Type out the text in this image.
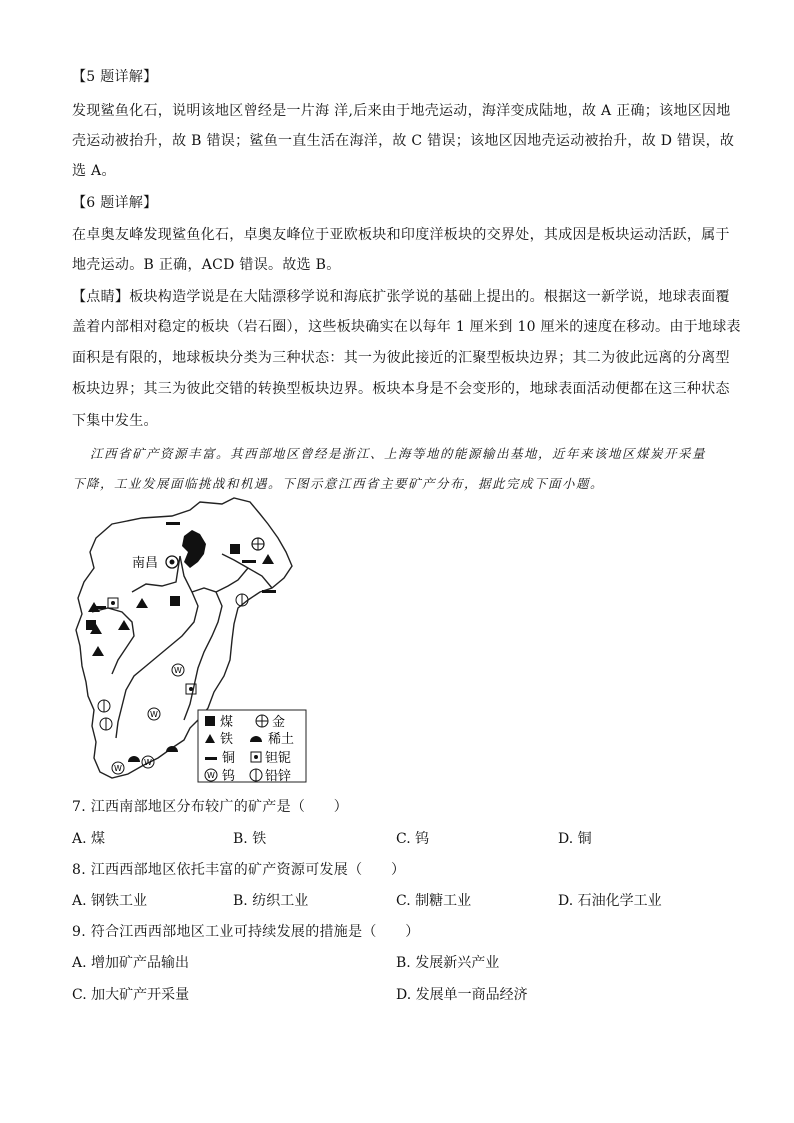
【5 题详解】
发现鲨鱼化石，说明该地区曾经是一片海 洋,后来由于地壳运动，海洋变成陆地，故 A 正确；该地区因地
壳运动被抬升，故 B 错误；鲨鱼一直生活在海洋，故 C 错误；该地区因地壳运动被抬升，故 D 错误，故
选 A。
【6 题详解】
在卓奥友峰发现鲨鱼化石，卓奥友峰位于亚欧板块和印度洋板块的交界处，其成因是板块运动活跃，属于
地壳运动。B 正确，ACD 错误。故选 B。
【点睛】板块构造学说是在大陆漂移学说和海底扩张学说的基础上提出的。根据这一新学说，地球表面覆
盖着内部相对稳定的板块（岩石圈），这些板块确实在以每年 1 厘米到 10 厘米的速度在移动。由于地球表
面积是有限的，地球板块分类为三种状态：其一为彼此接近的汇聚型板块边界；其二为彼此远离的分离型
板块边界；其三为彼此交错的转换型板块边界。板块本身是不会变形的，地球表面活动便都在这三种状态
下集中发生。
江西省矿产资源丰富。其西部地区曾经是浙江、上海等地的能源输出基地，近年来该地区煤炭开采量
下降，工业发展面临挑战和机遇。下图示意江西省主要矿产分布，据此完成下面小题。
南昌
W
W
W
W
煤	金
铁	稀土
铜 钽铌
W 钨 铅锌
7. 江西南部地区分布较广的矿产是（　　）
A. 煤	B. 铁	C. 钨	D. 铜
8. 江西西部地区依托丰富的矿产资源可发展（　　）
A. 钢铁工业	B. 纺织工业	C. 制糖工业	D. 石油化学工业
9. 符合江西西部地区工业可持续发展的措施是（　　）
A. 增加矿产品输出	B. 发展新兴产业
C. 加大矿产开采量	D. 发展单一商品经济
